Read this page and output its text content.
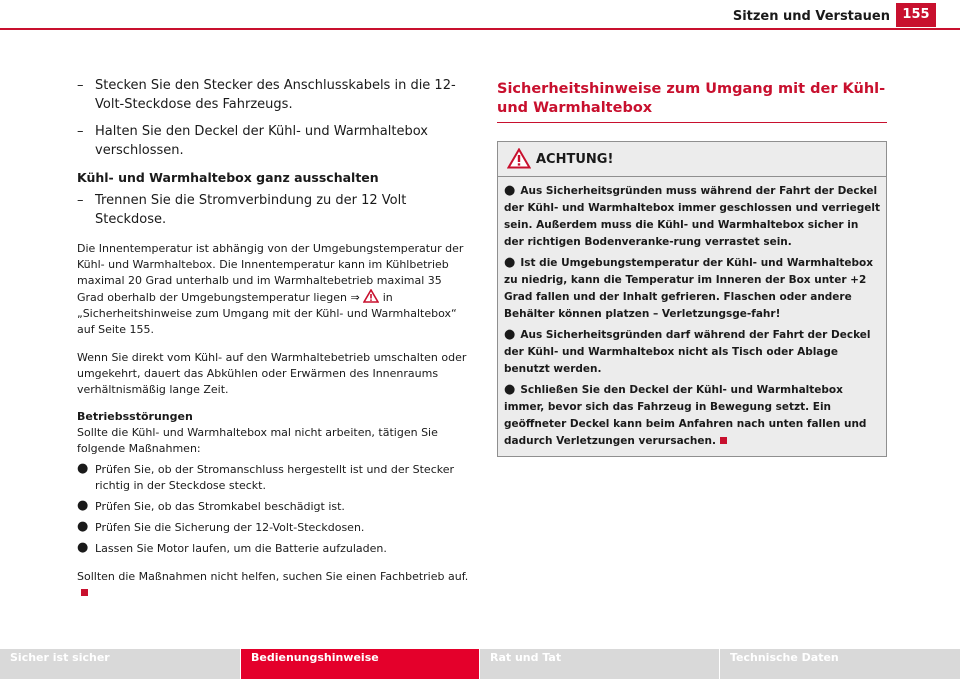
Sitzen und Verstauen 155
– Stecken Sie den Stecker des Anschlusskabels in die 12-Volt-Steckdose des Fahrzeugs.
– Halten Sie den Deckel der Kühl- und Warmhaltebox verschlossen.
Kühl- und Warmhaltebox ganz ausschalten
– Trennen Sie die Stromverbindung zu der 12 Volt Steckdose.

Die Innentemperatur ist abhängig von der Umgebungstemperatur der Kühl- und Warmhaltebox. Die Innentemperatur kann im Kühlbetrieb maximal 20 Grad unterhalb und im Warmhaltebetrieb maximal 35 Grad oberhalb der Umgebungstemperatur liegen ⇒ in „Sicherheitshinweise zum Umgang mit der Kühl- und Warmhaltebox“ auf Seite 155.

Wenn Sie direkt vom Kühl- auf den Warmhaltebetrieb umschalten oder umgekehrt, dauert das Abkühlen oder Erwärmen des Innenraums verhältnismäßig lange Zeit.

Betriebsstörungen

Sollte die Kühl- und Warmhaltebox mal nicht arbeiten, tätigen Sie folgende Maßnahmen:

● Prüfen Sie, ob der Stromanschluss hergestellt ist und der Stecker richtig in der Steckdose steckt.
● Prüfen Sie, ob das Stromkabel beschädigt ist.
● Prüfen Sie die Sicherung der 12-Volt-Steckdosen.
● Lassen Sie Motor laufen, um die Batterie aufzuladen.

Sollten die Maßnahmen nicht helfen, suchen Sie einen Fachbetrieb auf.

Sicherheitshinweise zum Umgang mit der Kühl- und Warmhaltebox
ACHTUNG!
● Aus Sicherheitsgründen muss während der Fahrt der Deckel der Kühl- und Warmhaltebox immer geschlossen und verriegelt sein. Außerdem muss die Kühl- und Warmhaltebox sicher in der richtigen Bodenveranke-rung verrastet sein.
● Ist die Umgebungstemperatur der Kühl- und Warmhaltebox zu niedrig, kann die Temperatur im Inneren der Box unter +2 Grad fallen und der Inhalt gefrieren. Flaschen oder andere Behälter können platzen – Verletzungsge-fahr!
● Aus Sicherheitsgründen darf während der Fahrt der Deckel der Kühl- und Warmhaltebox nicht als Tisch oder Ablage benutzt werden.
● Schließen Sie den Deckel der Kühl- und Warmhaltebox immer, bevor sich das Fahrzeug in Bewegung setzt. Ein geöffneter Deckel kann beim Anfahren nach unten fallen und dadurch Verletzungen verursachen.
Sicher ist sicher	Bedienungshinweise	Rat und Tat	Technische Daten
